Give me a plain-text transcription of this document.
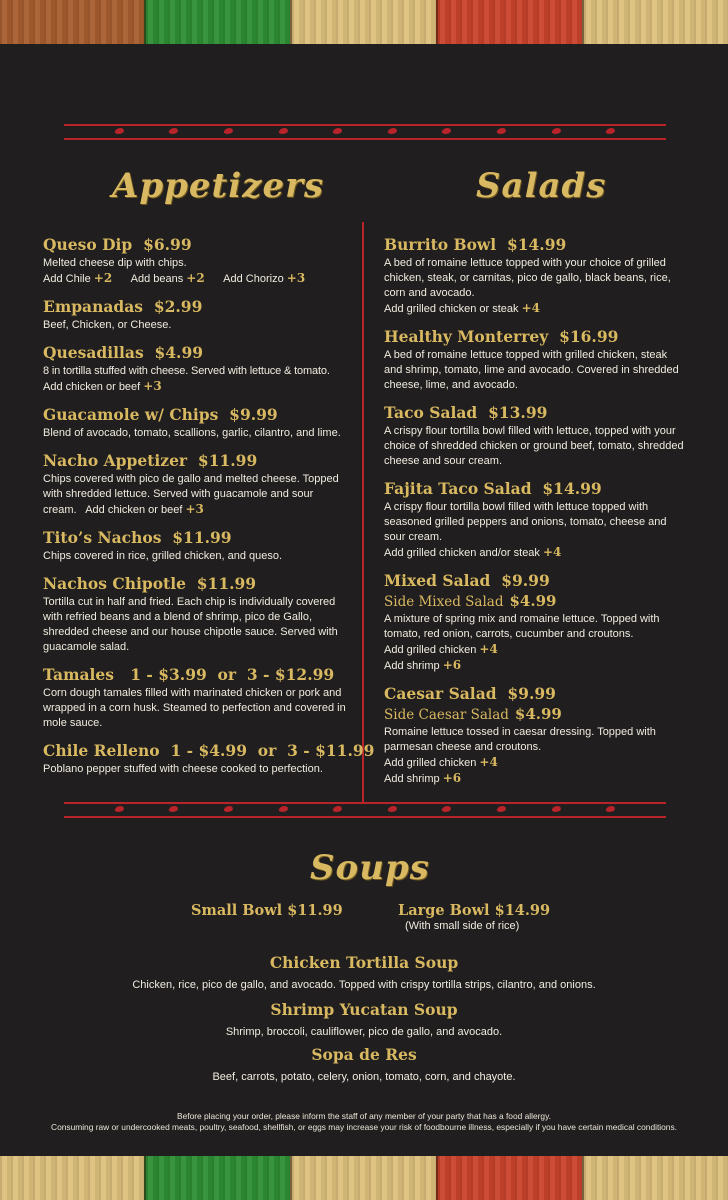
Appetizers	Salads
Queso Dip $6.99
Melted cheese dip with chips.
Add Chile +2 Add beans +2 Add Chorizo +3
Empanadas $2.99
Beef, Chicken, or Cheese.
Quesadillas $4.99
8 in tortilla stuffed with cheese. Served with lettuce & tomato.
Add chicken or beef +3
Guacamole w/ Chips $9.99
Blend of avocado, tomato, scallions, garlic, cilantro, and lime.
Nacho Appetizer $11.99
Chips covered with pico de gallo and melted cheese. Topped with shredded lettuce. Served with guacamole and sour cream. Add chicken or beef +3
Tito’s Nachos $11.99
Chips covered in rice, grilled chicken, and queso.
Nachos Chipotle $11.99
Tortilla cut in half and fried. Each chip is individually covered with refried beans and a blend of shrimp, pico de Gallo, shredded cheese and our house chipotle sauce. Served with guacamole salad.
Tamales 1 - $3.99  or  3 - $12.99
Corn dough tamales filled with marinated chicken or pork and wrapped in a corn husk. Steamed to perfection and covered in mole sauce.
Chile Relleno 1 - $4.99  or  3 - $11.99
Poblano pepper stuffed with cheese cooked to perfection.
Burrito Bowl $14.99
A bed of romaine lettuce topped with your choice of grilled chicken, steak, or carnitas, pico de gallo, black beans, rice, corn and avocado.
Add grilled chicken or steak +4
Healthy Monterrey $16.99
A bed of romaine lettuce topped with grilled chicken, steak and shrimp, tomato, lime and avocado. Covered in shredded cheese, lime, and avocado.
Taco Salad $13.99
A crispy flour tortilla bowl filled with lettuce, topped with your choice of shredded chicken or ground beef, tomato, shredded cheese and sour cream.
Fajita Taco Salad $14.99
A crispy flour tortilla bowl filled with lettuce topped with seasoned grilled peppers and onions, tomato, cheese and sour cream.
Add grilled chicken and/or steak +4
Mixed Salad $9.99
Side Mixed Salad $4.99
A mixture of spring mix and romaine lettuce. Topped with tomato, red onion, carrots, cucumber and croutons.
Add grilled chicken +4
Add shrimp +6
Caesar Salad $9.99
Side Caesar Salad $4.99
Romaine lettuce tossed in caesar dressing. Topped with parmesan cheese and croutons.
Add grilled chicken +4
Add shrimp +6
Soups
Small Bowl $11.99	Large Bowl $14.99
(With small side of rice)
Chicken Tortilla Soup
Chicken, rice, pico de gallo, and avocado. Topped with crispy tortilla strips, cilantro, and onions.
Shrimp Yucatan Soup
Shrimp, broccoli, cauliflower, pico de gallo, and avocado.
Sopa de Res
Beef, carrots, potato, celery, onion, tomato, corn, and chayote.
Before placing your order, please inform the staff of any member of your party that has a food allergy.
Consuming raw or undercooked meats, poultry, seafood, shellfish, or eggs may increase your risk of foodbourne illness, especially if you have certain medical conditions.
